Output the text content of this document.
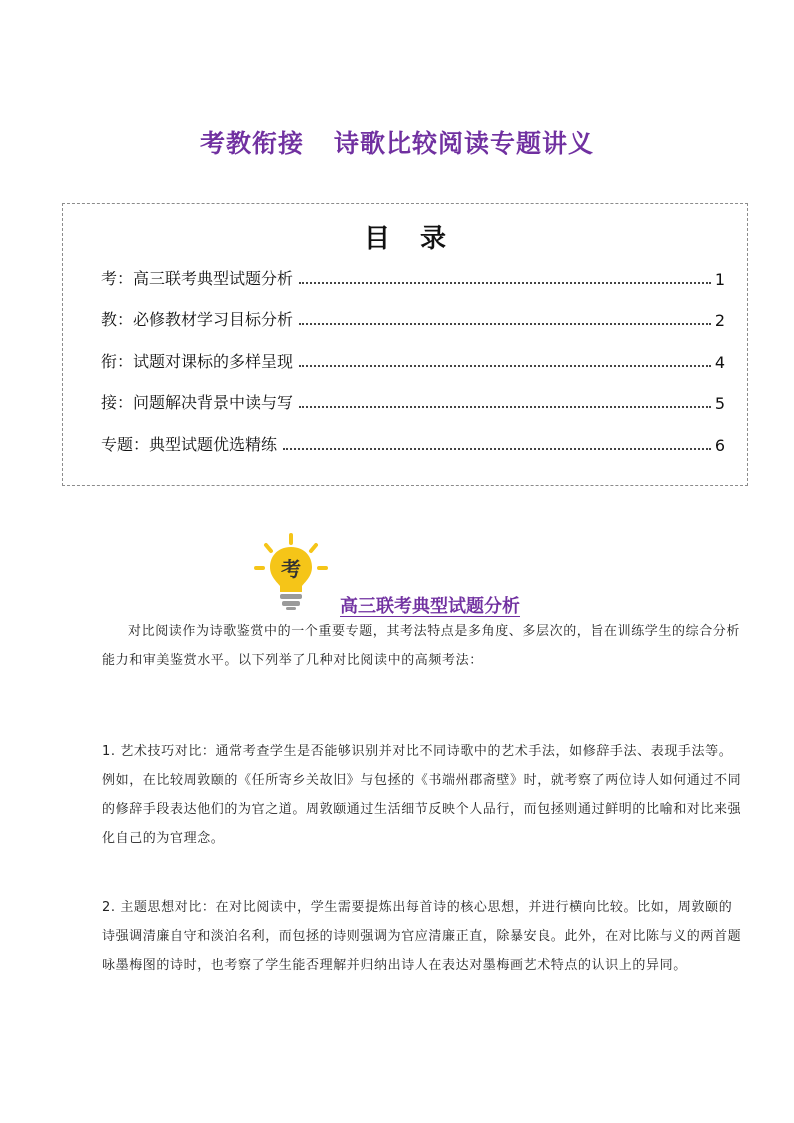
考教衔接 诗歌比较阅读专题讲义
目录
考：高三联考典型试题分析	1
教：必修教材学习目标分析	2
衔：试题对课标的多样呈现	4
接：问题解决背景中读与写	5
专题：典型试题优选精练	6
考
高三联考典型试题分析
对比阅读作为诗歌鉴赏中的一个重要专题，其考法特点是多角度、多层次的，旨在训练学生的综合分析能力和审美鉴赏水平。以下列举了几种对比阅读中的高频考法：
1. 艺术技巧对比：通常考查学生是否能够识别并对比不同诗歌中的艺术手法，如修辞手法、表现手法等。例如，在比较周敦颐的《任所寄乡关故旧》与包拯的《书端州郡斋壁》时，就考察了两位诗人如何通过不同的修辞手段表达他们的为官之道。周敦颐通过生活细节反映个人品行，而包拯则通过鲜明的比喻和对比来强化自己的为官理念。
2. 主题思想对比：在对比阅读中，学生需要提炼出每首诗的核心思想，并进行横向比较。比如，周敦颐的诗强调清廉自守和淡泊名利，而包拯的诗则强调为官应清廉正直，除暴安良。此外，在对比陈与义的两首题咏墨梅图的诗时，也考察了学生能否理解并归纳出诗人在表达对墨梅画艺术特点的认识上的异同。
